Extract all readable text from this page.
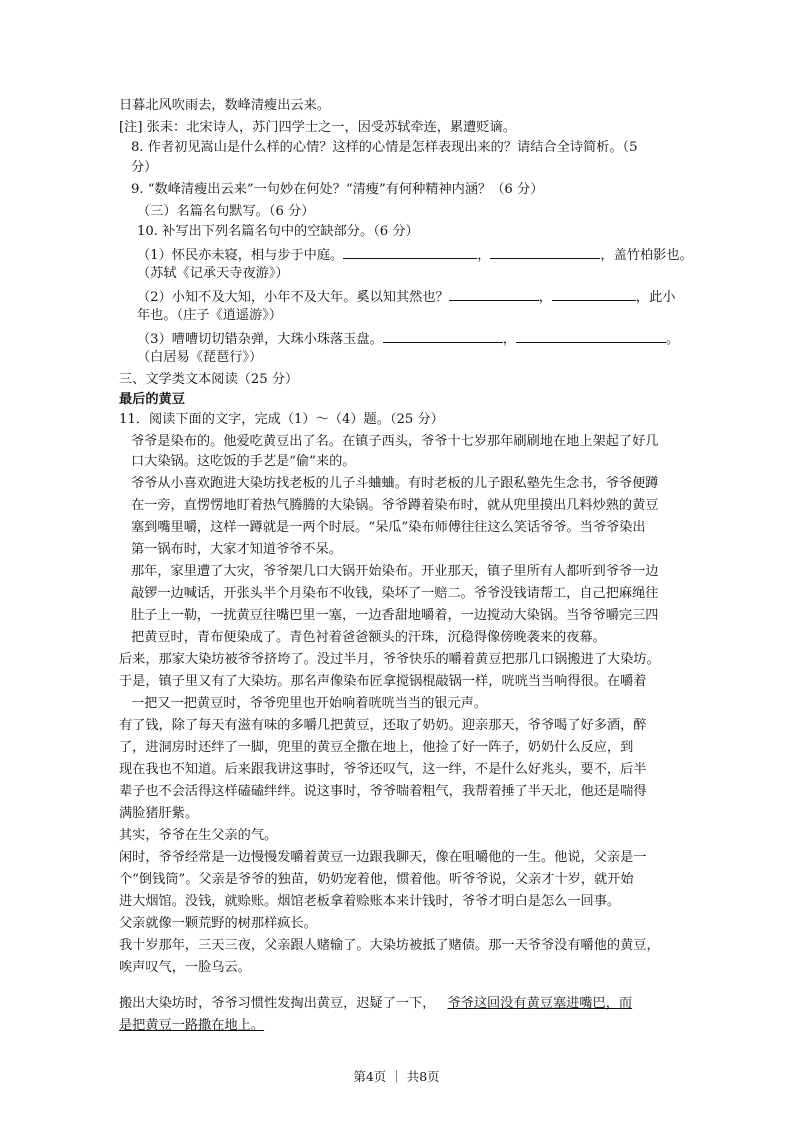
日暮北风吹雨去，数峰清瘦出云来。
[注] 张耒：北宋诗人，苏门四学士之一，因受苏轼牵连，累遭贬谪。
8. 作者初见嵩山是什么样的心情？这样的心情是怎样表现出来的？请结合全诗简析。（5
分）
9. “数峰清瘦出云来”一句妙在何处？“清瘦”有何种精神内涵？（6 分）
（三）名篇名句默写。（6 分）
10. 补写出下列名篇名句中的空缺部分。（6 分）
（1）怀民亦未寝，相与步于中庭。	，	，盖竹柏影也。
（苏轼《记承天寺夜游》）
（2）小知不及大知，小年不及大年。奚以知其然也？	，	，此小
年也。（庄子《逍遥游》）
（3）嘈嘈切切错杂弹，大珠小珠落玉盘。	，	。
（白居易《琵琶行》）
三、文学类文本阅读（25 分）
最后的黄豆
11．阅读下面的文字，完成（1）～（4）题。（25 分）
爷爷是染布的。他爱吃黄豆出了名。在镇子西头，爷爷十七岁那年刷刷地在地上架起了好几
口大染锅。这吃饭的手艺是“偷”来的。
爷爷从小喜欢跑进大染坊找老板的儿子斗蛐蛐。有时老板的儿子跟私塾先生念书，爷爷便蹲
在一旁，直愣愣地盯着热气腾腾的大染锅。爷爷蹲着染布时，就从兜里摸出几料炒熟的黄豆
塞到嘴里嚼，这样一蹲就是一两个时辰。“呆瓜”染布师傅往往这么笑话爷爷。当爷爷染出
第一锅布时，大家才知道爷爷不呆。
那年，家里遭了大灾，爷爷架几口大锅开始染布。开业那天，镇子里所有人都听到爷爷一边
敲锣一边喊话，开张头半个月染布不收钱，染坏了一赔二。爷爷没钱请帮工，自己把麻绳往
肚子上一勒，一扰黄豆往嘴巴里一塞，一边香甜地嚼着，一边搅动大染锅。当爷爷嚼完三四
把黄豆时，青布便染成了。青色衬着爸爸额头的汗珠，沉稳得像傍晚袭来的夜幕。
后来，那家大染坊被爷爷挤垮了。没过半月，爷爷快乐的嚼着黄豆把那几口锅搬进了大染坊。
于是，镇子里又有了大染坊。那名声像染布匠拿搅锅棍敲锅一样，咣咣当当响得很。在嚼着
一把又一把黄豆时，爷爷兜里也开始响着咣咣当当的银元声。
有了钱，除了每天有滋有味的多嚼几把黄豆，还取了奶奶。迎亲那天，爷爷喝了好多酒，醉
了，进洞房时还绊了一脚，兜里的黄豆全撒在地上，他捡了好一阵子，奶奶什么反应，到
现在我也不知道。后来跟我讲这事时，爷爷还叹气，这一绊，不是什么好兆头，要不，后半
辈子也不会活得这样磕磕绊绊。说这事时，爷爷喘着粗气，我帮着捶了半天北，他还是喘得
满脸猪肝紫。
其实，爷爷在生父亲的气。
闲时，爷爷经常是一边慢慢发嚼着黄豆一边跟我聊天，像在咀嚼他的一生。他说，父亲是一
个“倒钱筒”。父亲是爷爷的独苗，奶奶宠着他，惯着他。听爷爷说，父亲才十岁，就开始
进大烟馆。没钱，就赊账。烟馆老板拿着赊账本来计钱时，爷爷才明白是怎么一回事。
父亲就像一颗荒野的树那样疯长。
我十岁那年，三天三夜，父亲跟人赌输了。大染坊被抵了赌债。那一天爷爷没有嚼他的黄豆，
唉声叹气，一脸乌云。
搬出大染坊时，爷爷习惯性发掏出黄豆，迟疑了一下， 爷爷这回没有黄豆塞进嘴巴，而
是把黄豆一路撒在地上。
第4页 ｜ 共8页
